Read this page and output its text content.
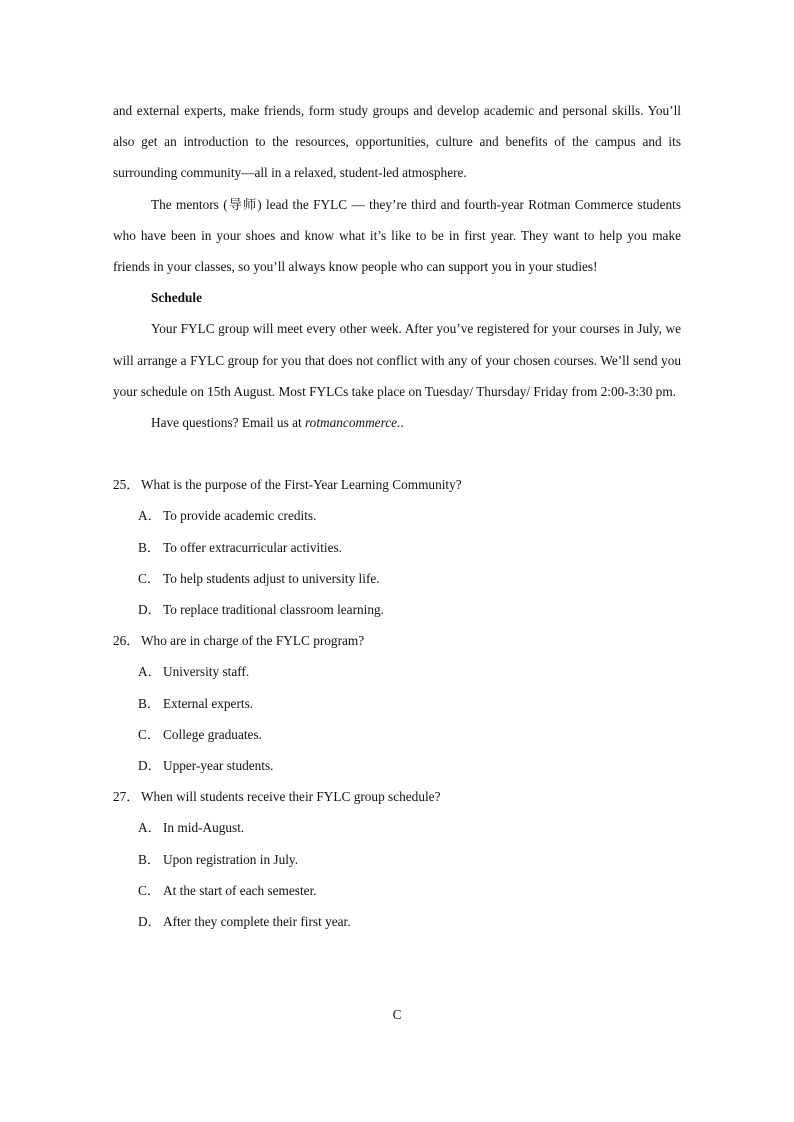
and external experts, make friends, form study groups and develop academic and personal skills. You’ll also get an introduction to the resources, opportunities, culture and benefits of the campus and its surrounding community—all in a relaxed, student-led atmosphere.

The mentors (导师) lead the FYLC — they’re third and fourth-year Rotman Commerce students who have been in your shoes and know what it’s like to be in first year. They want to help you make friends in your classes, so you’ll always know people who can support you in your studies!

Schedule

Your FYLC group will meet every other week. After you’ve registered for your courses in July, we will arrange a FYLC group for you that does not conflict with any of your chosen courses. We’ll send you your schedule on 15th August. Most FYLCs take place on Tuesday/ Thursday/ Friday from 2:00-3:30 pm.

Have questions? Email us at rotmancommerce..

25．What is the purpose of the First-Year Learning Community?

A． To provide academic credits.

B． To offer extracurricular activities.

C． To help students adjust to university life.

D． To replace traditional classroom learning.

26．Who are in charge of the FYLC program?

A． University staff.

B． External experts.

C． College graduates.

D． Upper-year students.

27．When will students receive their FYLC group schedule?

A． In mid-August.

B． Upon registration in July.

C． At the start of each semester.

D． After they complete their first year.

C
